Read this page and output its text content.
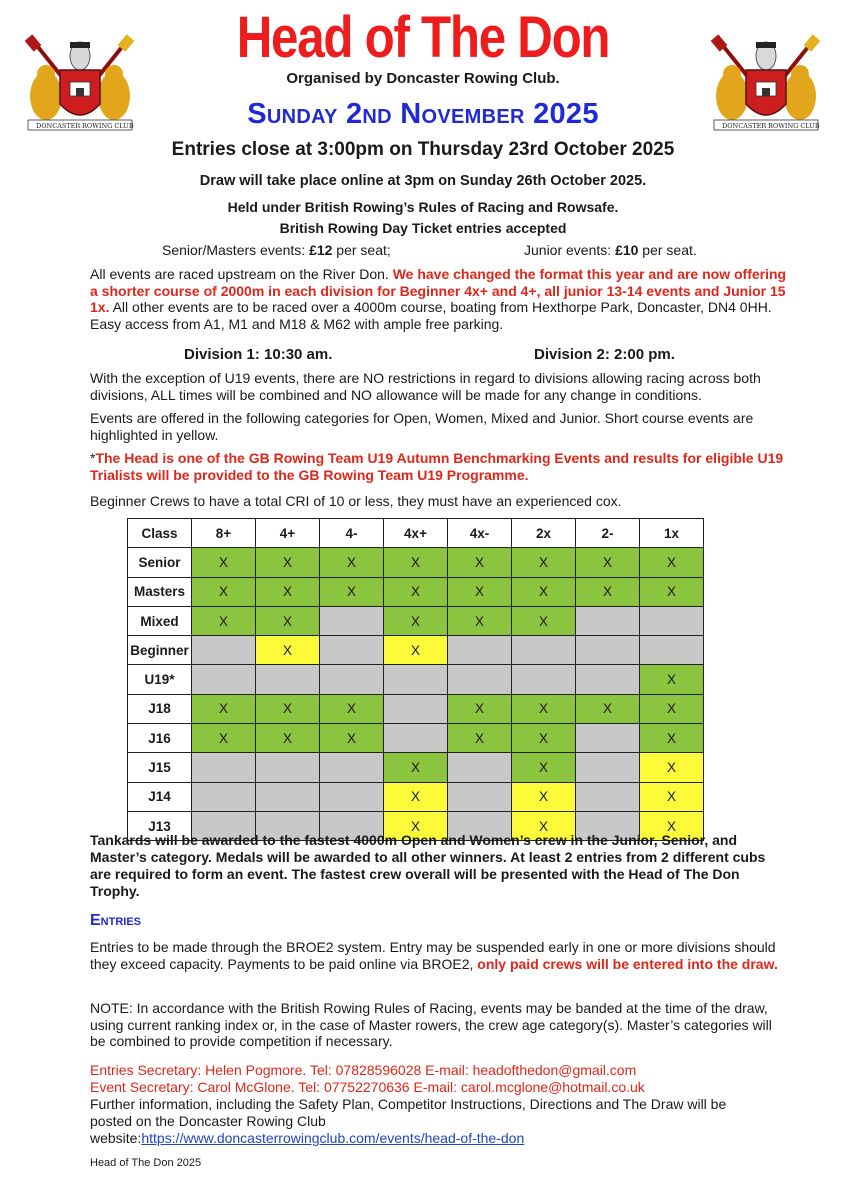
DONCASTER ROWING CLUB	DONCASTER ROWING CLUB
Head of The Don
Organised by Doncaster Rowing Club.
Sunday 2nd November 2025
Entries close at 3:00pm on Thursday 23rd October 2025
Draw will take place online at 3pm on Sunday 26th October 2025.
Held under British Rowing’s Rules of Racing and Rowsafe.
British Rowing Day Ticket entries accepted
Senior/Masters events: £12 per seat;	Junior events: £10 per seat.
All events are raced upstream on the River Don. We have changed the format this year and are now offering a shorter course of 2000m in each division for Beginner 4x+ and 4+, all junior 13-14 events and Junior 15 1x. All other events are to be raced over a 4000m course, boating from Hexthorpe Park, Doncaster, DN4 0HH. Easy access from A1, M1 and M18 & M62 with ample free parking.
Division 1: 10:30 am.	Division 2: 2:00 pm.
With the exception of U19 events, there are NO restrictions in regard to divisions allowing racing across both divisions, ALL times will be combined and NO allowance will be made for any change in conditions.
Events are offered in the following categories for Open, Women, Mixed and Junior. Short course events are highlighted in yellow.
*The Head is one of the GB Rowing Team U19 Autumn Benchmarking Events and results for eligible U19 Trialists will be provided to the GB Rowing Team U19 Programme.
Beginner Crews to have a total CRI of 10 or less, they must have an experienced cox.
Class	8+	4+	4-	4x+	4x-	2x	2-	1x
Senior	X	X	X	X	X	X	X	X
Masters	X	X	X	X	X	X	X	X
Mixed	X	X		X	X	X		
Beginner		X		X				
U19*								X
J18	X	X	X		X	X	X	X
J16	X	X	X		X	X		X
J15				X		X		X
J14				X		X		X
J13				X		X		X
Tankards will be awarded to the fastest 4000m Open and Women’s crew in the Junior, Senior, and Master’s category. Medals will be awarded to all other winners. At least 2 entries from 2 different cubs are required to form an event. The fastest crew overall will be presented with the Head of The Don Trophy.
Entries
Entries to be made through the BROE2 system. Entry may be suspended early in one or more divisions should they exceed capacity. Payments to be paid online via BROE2, only paid crews will be entered into the draw.
NOTE: In accordance with the British Rowing Rules of Racing, events may be banded at the time of the draw, using current ranking index or, in the case of Master rowers, the crew age category(s). Master’s categories will be combined to provide competition if necessary.
Entries Secretary: Helen Pogmore. Tel: 07828596028 E-mail: headofthedon@gmail.com
Event Secretary: Carol McGlone. Tel: 07752270636 E-mail: carol.mcglone@hotmail.co.uk
Further information, including the Safety Plan, Competitor Instructions, Directions and The Draw will be posted on the Doncaster Rowing Club
website:https://www.doncasterrowingclub.com/events/head-of-the-don
Head of The Don 2025
